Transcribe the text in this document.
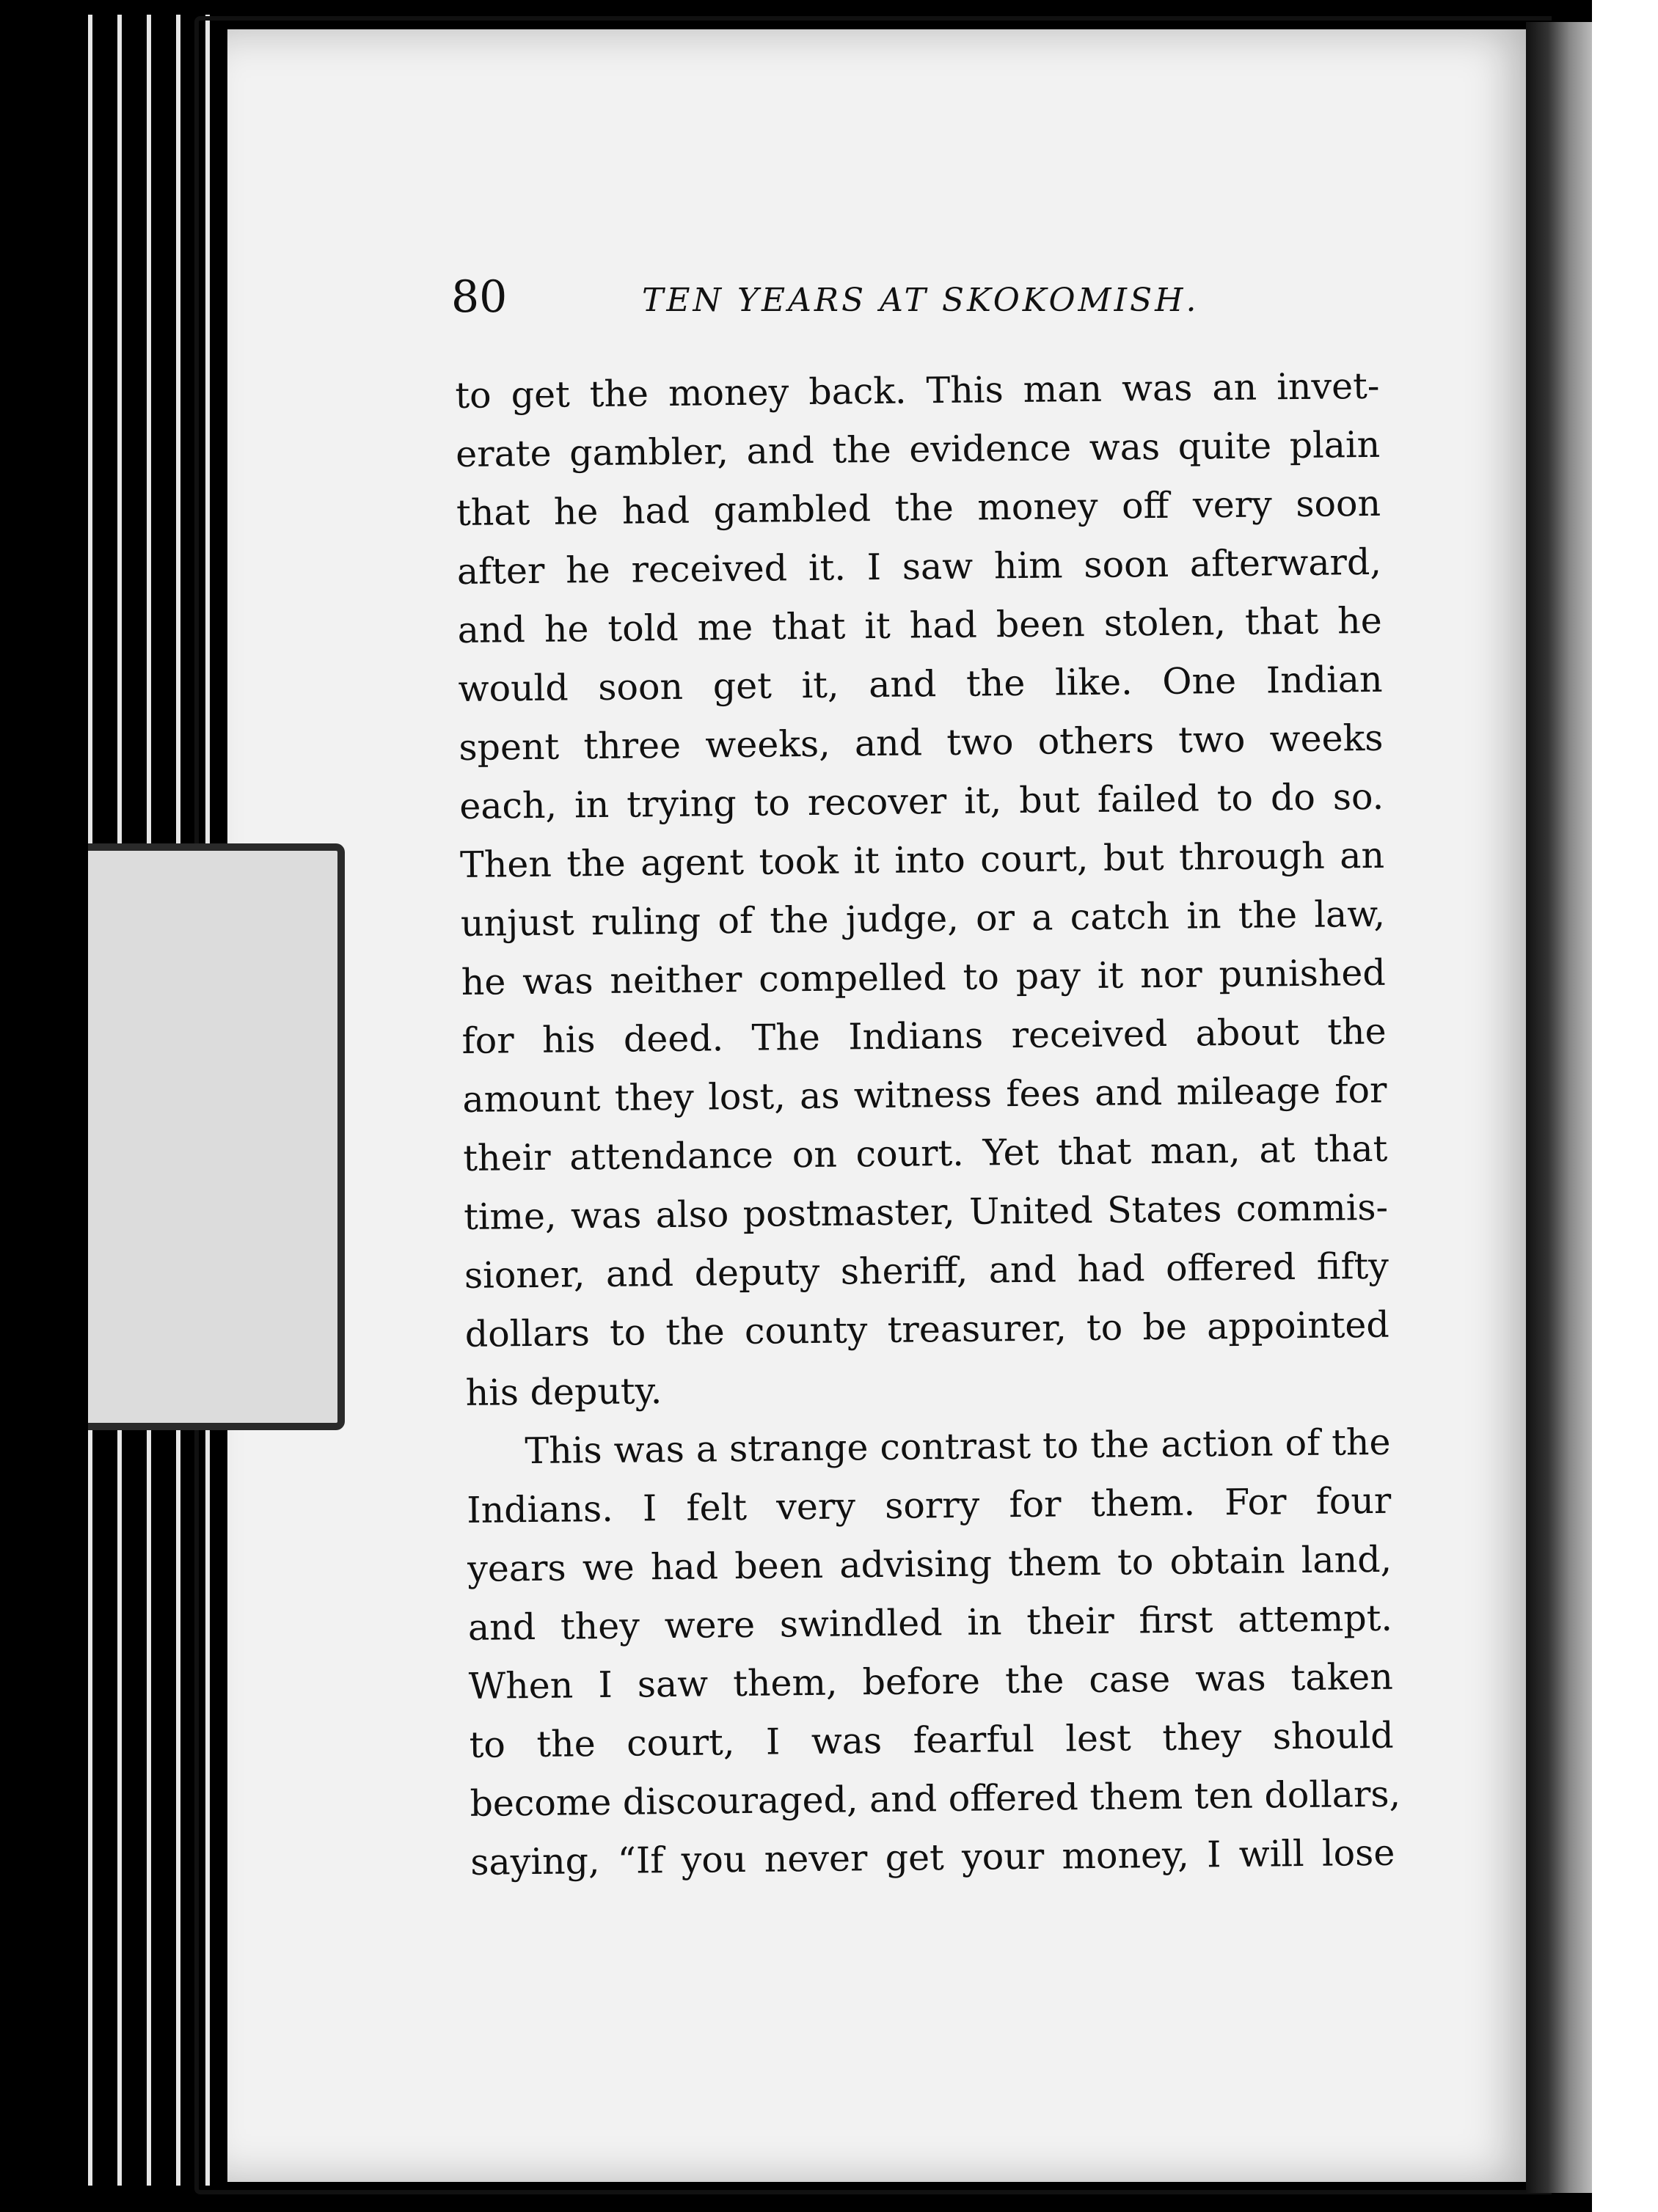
80	TEN YEARS AT SKOKOMISH.
to get the money back. This man was an invet-
erate gambler, and the evidence was quite plain
that he had gambled the money off very soon
after he received it. I saw him soon afterward,
and he told me that it had been stolen, that he
would soon get it, and the like. One Indian
spent three weeks, and two others two weeks
each, in trying to recover it, but failed to do so.
Then the agent took it into court, but through an
unjust ruling of the judge, or a catch in the law,
he was neither compelled to pay it nor punished
for his deed. The Indians received about the
amount they lost, as witness fees and mileage for
their attendance on court. Yet that man, at that
time, was also postmaster, United States commis-
sioner, and deputy sheriff, and had offered fifty
dollars to the county treasurer, to be appointed
his deputy.
This was a strange contrast to the action of the
Indians. I felt very sorry for them. For four
years we had been advising them to obtain land,
and they were swindled in their first attempt.
When I saw them, before the case was taken
to the court, I was fearful lest they should
become discouraged, and offered them ten dollars,
saying, “If you never get your money, I will lose
